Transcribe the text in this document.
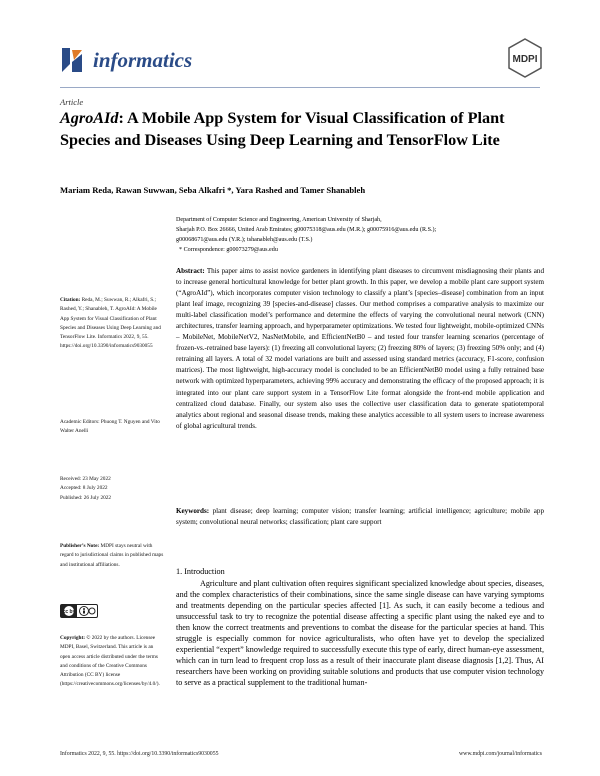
informatics	MDPI
Article
AgroAId: A Mobile App System for Visual Classification of Plant Species and Diseases Using Deep Learning and TensorFlow Lite
Mariam Reda, Rawan Suwwan, Seba Alkafri *, Yara Rashed and Tamer Shanableh
Department of Computer Science and Engineering, American University of Sharjah,
Sharjah P.O. Box 26666, United Arab Emirates; g00075318@aus.edu (M.R.); g00075916@aus.edu (R.S.);
g00068671@aus.edu (Y.R.); tshanableh@aus.edu (T.S.)
* Correspondence: g00073279@aus.edu
Abstract: This paper aims to assist novice gardeners in identifying plant diseases to circumvent misdiagnosing their plants and to increase general horticultural knowledge for better plant growth. In this paper, we develop a mobile plant care support system (“AgroAId”), which incorporates computer vision technology to classify a plant’s [species–disease] combination from an input plant leaf image, recognizing 39 [species-and-disease] classes. Our method comprises a comparative analysis to maximize our multi-label classification model’s performance and determine the effects of varying the convolutional neural network (CNN) architectures, transfer learning approach, and hyperparameter optimizations. We tested four lightweight, mobile-optimized CNNs – MobileNet, MobileNetV2, NasNetMobile, and EfficientNetB0 – and tested four transfer learning scenarios (percentage of frozen-vs.-retrained base layers): (1) freezing all convolutional layers; (2) freezing 80% of layers; (3) freezing 50% only; and (4) retraining all layers. A total of 32 model variations are built and assessed using standard metrics (accuracy, F1-score, confusion matrices). The most lightweight, high-accuracy model is concluded to be an EfficientNetB0 model using a fully retrained base network with optimized hyperparameters, achieving 99% accuracy and demonstrating the efficacy of the proposed approach; it is integrated into our plant care support system in a TensorFlow Lite format alongside the front-end mobile application and centralized cloud database. Finally, our system also uses the collective user classification data to generate spatiotemporal analytics about regional and seasonal disease trends, making these analytics accessible to all system users to increase awareness of global agricultural trends.
Keywords: plant disease; deep learning; computer vision; transfer learning; artificial intelligence; agriculture; mobile app system; convolutional neural networks; classification; plant care support
Citation: Reda, M.; Suwwan, R.; Alkafri, S.; Rashed, Y.; Shanableh, T. AgroAId: A Mobile App System for Visual Classification of Plant Species and Diseases Using Deep Learning and TensorFlow Lite. Informatics 2022, 9, 55. https://doi.org/10.3390/informatics9030055
Academic Editors: Phuong T. Nguyen and Vito Walter Anelli
Received: 23 May 2022
Accepted: 8 July 2022
Published: 26 July 2022
Publisher’s Note: MDPI stays neutral with regard to jurisdictional claims in published maps and institutional affiliations.
cc by
Copyright: © 2022 by the authors. Licensee MDPI, Basel, Switzerland. This article is an open access article distributed under the terms and conditions of the Creative Commons Attribution (CC BY) license (https://creativecommons.org/licenses/by/4.0/).
1. Introduction

Agriculture and plant cultivation often requires significant specialized knowledge about species, diseases, and the complex characteristics of their combinations, since the same single disease can have varying symptoms and treatments depending on the particular species affected [1]. As such, it can easily become a tedious and unsuccessful task to try to recognize the potential disease affecting a specific plant using the naked eye and to then know the correct treatments and preventions to combat the disease for the particular species at hand. This struggle is especially common for novice agriculturalists, who often have yet to develop the specialized experiential “expert” knowledge required to successfully execute this type of early, direct human-eye assessment, which can in turn lead to frequent crop loss as a result of their inaccurate plant disease diagnosis [1,2]. Thus, AI researchers have been working on providing suitable solutions and products that use computer vision technology to serve as a practical supplement to the traditional human-

Informatics 2022, 9, 55. https://doi.org/10.3390/informatics9030055	www.mdpi.com/journal/informatics
